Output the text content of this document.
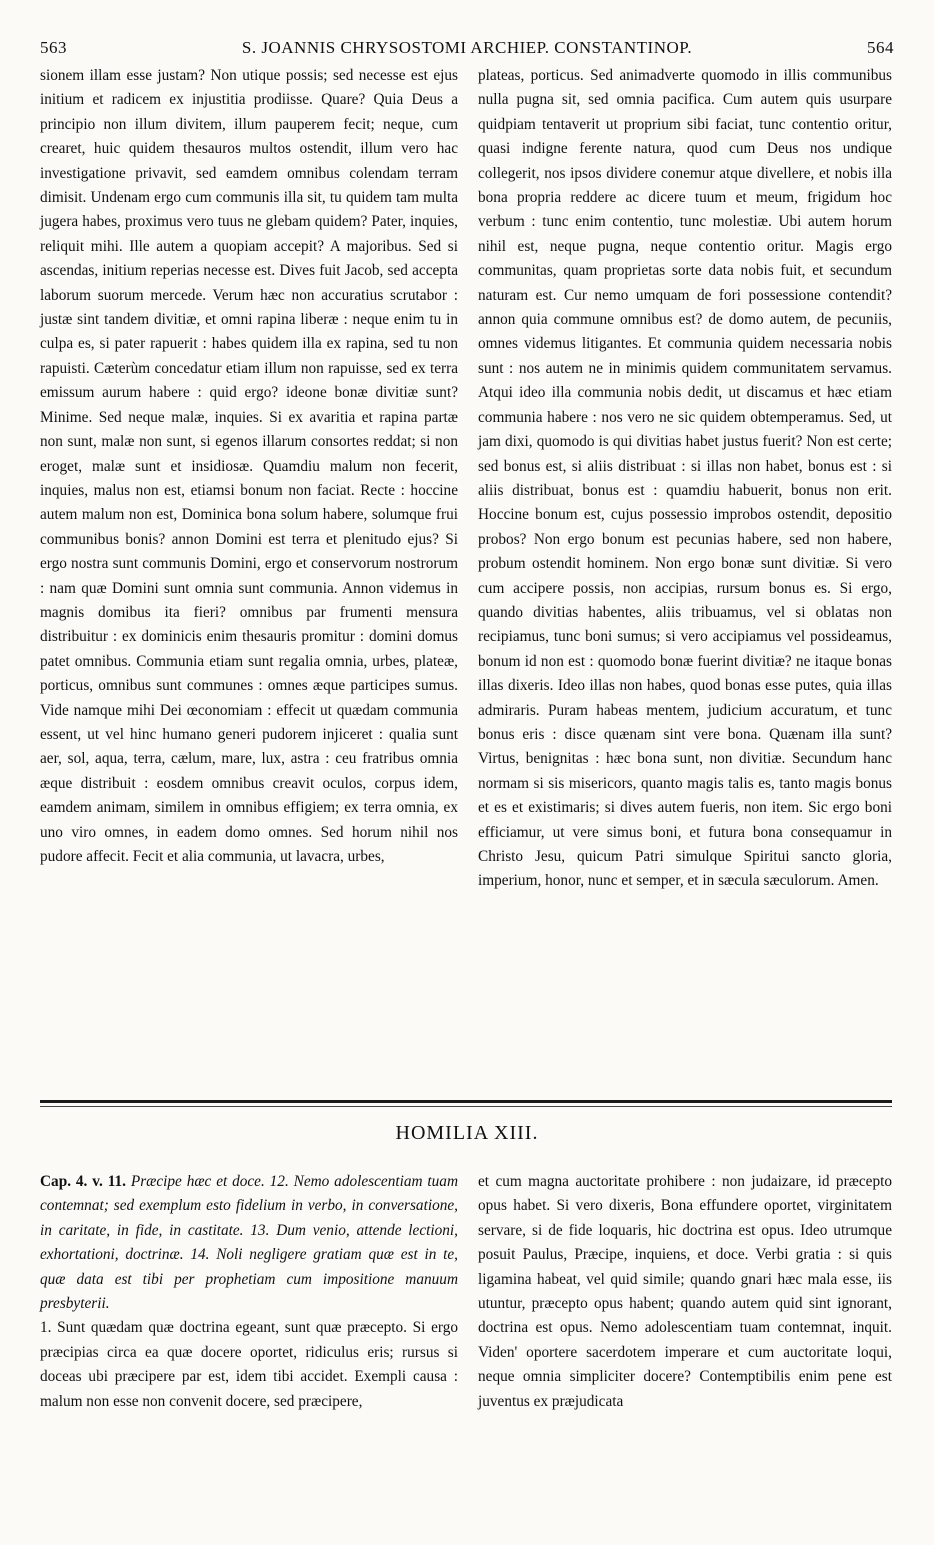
563	S. JOANNIS CHRYSOSTOMI ARCHIEP. CONSTANTINOP.	564

sionem illam esse justam? Non utique possis; sed necesse est ejus initium et radicem ex injustitia prodiisse. Quare? Quia Deus a principio non illum divitem, illum pauperem fecit; neque, cum crearet, huic quidem thesauros multos ostendit, illum vero hac investigatione privavit, sed eamdem omnibus colendam terram dimisit. Undenam ergo cum communis illa sit, tu quidem tam multa jugera habes, proximus vero tuus ne glebam quidem? Pater, inquies, reliquit mihi. Ille autem a quopiam accepit? A majoribus. Sed si ascendas, initium reperias necesse est. Dives fuit Jacob, sed accepta laborum suorum mercede. Verum hæc non accuratius scrutabor : justæ sint tandem divitiæ, et omni rapina liberæ : neque enim tu in culpa es, si pater rapuerit : habes quidem illa ex rapina, sed tu non rapuisti. Cæterùm concedatur etiam illum non rapuisse, sed ex terra emissum aurum habere : quid ergo? ideone bonæ divitiæ sunt? Minime. Sed neque malæ, inquies. Si ex avaritia et rapina partæ non sunt, malæ non sunt, si egenos illarum consortes reddat; si non eroget, malæ sunt et insidiosæ. Quamdiu malum non fecerit, inquies, malus non est, etiamsi bonum non faciat. Recte : hoccine autem malum non est, Dominica bona solum habere, solumque frui communibus bonis? annon Domini est terra et plenitudo ejus? Si ergo nostra sunt communis Domini, ergo et conservorum nostrorum : nam quæ Domini sunt omnia sunt communia. Annon videmus in magnis domibus ita fieri? omnibus par frumenti mensura distribuitur : ex dominicis enim thesauris promitur : domini domus patet omnibus. Communia etiam sunt regalia omnia, urbes, plateæ, porticus, omnibus sunt communes : omnes æque participes sumus. Vide namque mihi Dei œconomiam : effecit ut quædam communia essent, ut vel hinc humano generi pudorem injiceret : qualia sunt aer, sol, aqua, terra, cælum, mare, lux, astra : ceu fratribus omnia æque distribuit : eosdem omnibus creavit oculos, corpus idem, eamdem animam, similem in omnibus effigiem; ex terra omnia, ex uno viro omnes, in eadem domo omnes. Sed horum nihil nos pudore affecit. Fecit et alia communia, ut lavacra, urbes,

plateas, porticus. Sed animadverte quomodo in illis communibus nulla pugna sit, sed omnia pacifica. Cum autem quis usurpare quidpiam tentaverit ut proprium sibi faciat, tunc contentio oritur, quasi indigne ferente natura, quod cum Deus nos undique collegerit, nos ipsos dividere conemur atque divellere, et nobis illa bona propria reddere ac dicere tuum et meum, frigidum hoc verbum : tunc enim contentio, tunc molestiæ. Ubi autem horum nihil est, neque pugna, neque contentio oritur. Magis ergo communitas, quam proprietas sorte data nobis fuit, et secundum naturam est. Cur nemo umquam de fori possessione contendit? annon quia commune omnibus est? de domo autem, de pecuniis, omnes videmus litigantes. Et communia quidem necessaria nobis sunt : nos autem ne in minimis quidem communitatem servamus. Atqui ideo illa communia nobis dedit, ut discamus et hæc etiam communia habere : nos vero ne sic quidem obtemperamus. Sed, ut jam dixi, quomodo is qui divitias habet justus fuerit? Non est certe; sed bonus est, si aliis distribuat : si illas non habet, bonus est : si aliis distribuat, bonus est : quamdiu habuerit, bonus non erit. Hoccine bonum est, cujus possessio improbos ostendit, depositio probos? Non ergo bonum est pecunias habere, sed non habere, probum ostendit hominem. Non ergo bonæ sunt divitiæ. Si vero cum accipere possis, non accipias, rursum bonus es. Si ergo, quando divitias habentes, aliis tribuamus, vel si oblatas non recipiamus, tunc boni sumus; si vero accipiamus vel possideamus, bonum id non est : quomodo bonæ fuerint divitiæ? ne itaque bonas illas dixeris. Ideo illas non habes, quod bonas esse putes, quia illas admiraris. Puram habeas mentem, judicium accuratum, et tunc bonus eris : disce quænam sint vere bona. Quænam illa sunt? Virtus, benignitas : hæc bona sunt, non divitiæ. Secundum hanc normam si sis misericors, quanto magis talis es, tanto magis bonus et es et existimaris; si dives autem fueris, non item. Sic ergo boni efficiamur, ut vere simus boni, et futura bona consequamur in Christo Jesu, quicum Patri simulque Spiritui sancto gloria, imperium, honor, nunc et semper, et in sæcula sæculorum. Amen.

HOMILIA XIII.

Cap. 4. v. 11. Præcipe hæc et doce. 12. Nemo adolescentiam tuam contemnat; sed exemplum esto fidelium in verbo, in conversatione, in caritate, in fide, in castitate. 13. Dum venio, attende lectioni, exhortationi, doctrinæ. 14. Noli negligere gratiam quæ est in te, quæ data est tibi per prophetiam cum impositione manuum presbyterii.

1. Sunt quædam quæ doctrina egeant, sunt quæ præcepto. Si ergo præcipias circa ea quæ docere oportet, ridiculus eris; rursus si doceas ubi præcipere par est, idem tibi accidet. Exempli causa : malum non esse non convenit docere, sed præcipere,

et cum magna auctoritate prohibere : non judaizare, id præcepto opus habet. Si vero dixeris, Bona effundere oportet, virginitatem servare, si de fide loquaris, hic doctrina est opus. Ideo utrumque posuit Paulus, Præcipe, inquiens, et doce. Verbi gratia : si quis ligamina habeat, vel quid simile; quando gnari hæc mala esse, iis utuntur, præcepto opus habent; quando autem quid sint ignorant, doctrina est opus. Nemo adolescentiam tuam contemnat, inquit. Viden' oportere sacerdotem imperare et cum auctoritate loqui, neque omnia simpliciter docere? Contemptibilis enim pene est juventus ex præjudicata
